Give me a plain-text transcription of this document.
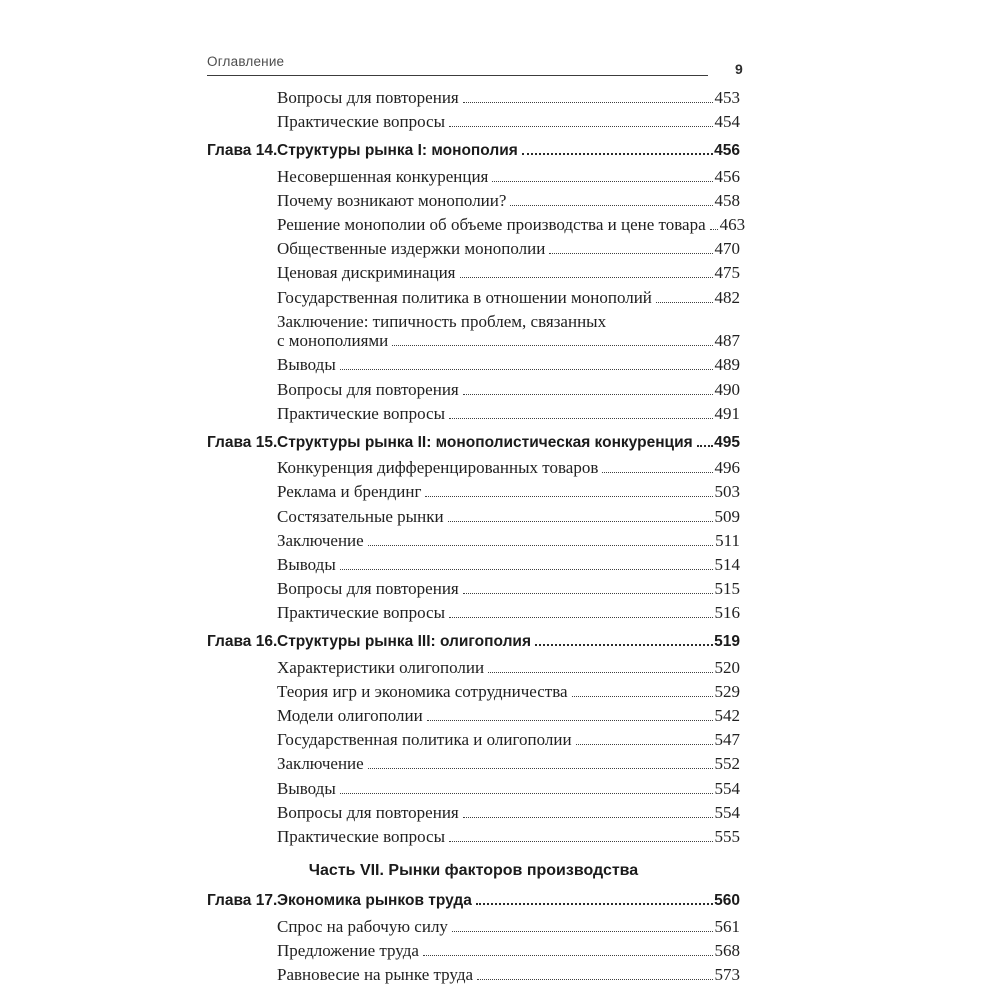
Оглавление	9
Вопросы для повторения	453
Практические вопросы	454
Глава 14. Структуры рынка I: монополия	456
Несовершенная конкуренция	456
Почему возникают монополии?	458
Решение монополии об объеме производства и цене товара 463
Общественные издержки монополии	470
Ценовая дискриминация	475
Государственная политика в отношении монополий	482
Заключение: типичность проблем, связанных
с монополиями	487
Выводы	489
Вопросы для повторения	490
Практические вопросы	491
Глава 15. Структуры рынка II: монополистическая конкуренция 495
Конкуренция дифференцированных товаров	496
Реклама и брендинг	503
Состязательные рынки	509
Заключение	511
Выводы	514
Вопросы для повторения	515
Практические вопросы	516
Глава 16. Структуры рынка III: олигополия	519
Характеристики олигополии	520
Теория игр и экономика сотрудничества	529
Модели олигополии	542
Государственная политика и олигополии	547
Заключение	552
Выводы	554
Вопросы для повторения	554
Практические вопросы	555
Часть VII. Рынки факторов производства
Глава 17. Экономика рынков труда	560
Спрос на рабочую силу	561
Предложение труда	568
Равновесие на рынке труда	573
